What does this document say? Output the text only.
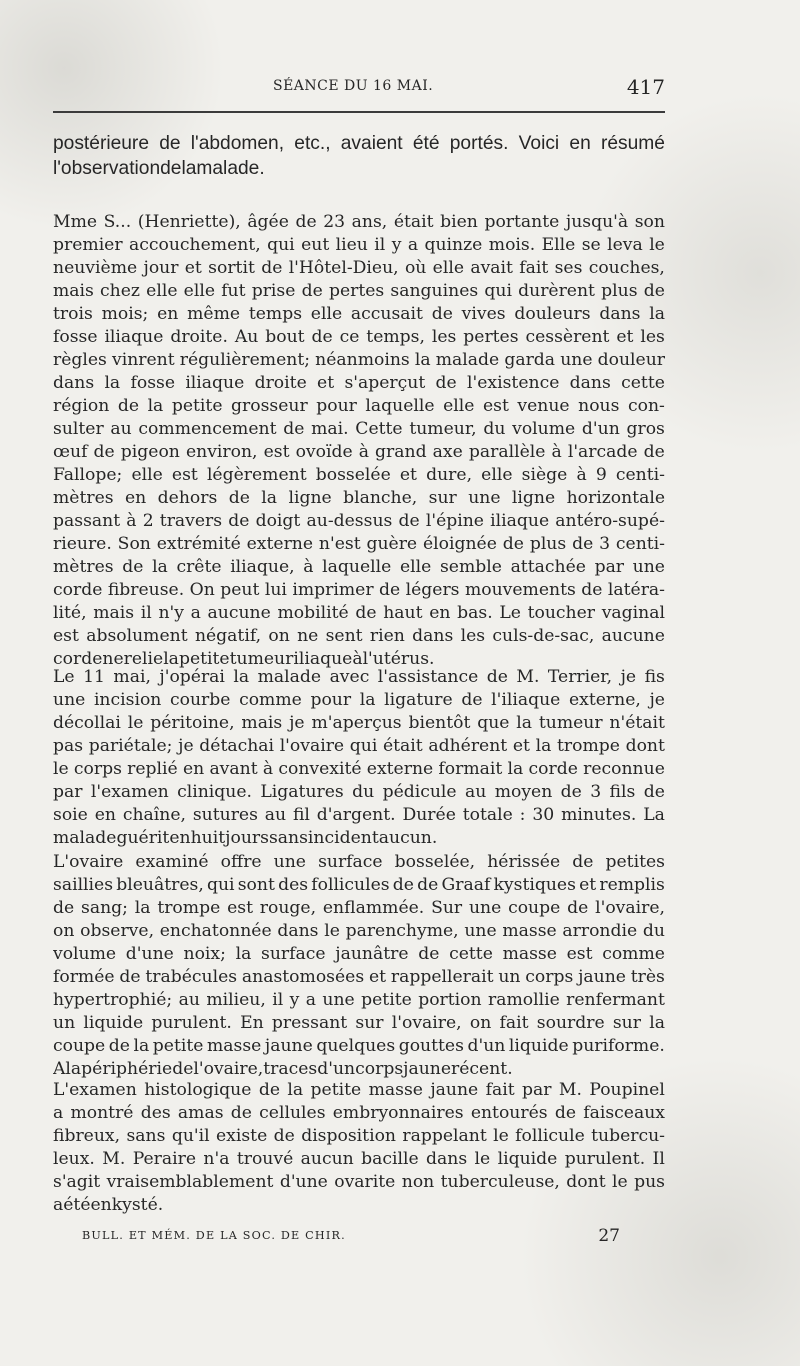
SÉANCE DU 16 MAI.	417
postérieure de l'abdomen, etc., avaient été portés. Voici en résumé
l'observation de la malade.
Mme S... (Henriette), âgée de 23 ans, était bien portante jusqu'à son
premier accouchement, qui eut lieu il y a quinze mois. Elle se leva le
neuvième jour et sortit de l'Hôtel-Dieu, où elle avait fait ses couches,
mais chez elle elle fut prise de pertes sanguines qui durèrent plus de
trois mois; en même temps elle accusait de vives douleurs dans la
fosse iliaque droite. Au bout de ce temps, les pertes cessèrent et les
règles vinrent régulièrement; néanmoins la malade garda une douleur
dans la fosse iliaque droite et s'aperçut de l'existence dans cette
région de la petite grosseur pour laquelle elle est venue nous con-
sulter au commencement de mai. Cette tumeur, du volume d'un gros
œuf de pigeon environ, est ovoïde à grand axe parallèle à l'arcade de
Fallope; elle est légèrement bosselée et dure, elle siège à 9 centi-
mètres en dehors de la ligne blanche, sur une ligne horizontale
passant à 2 travers de doigt au-dessus de l'épine iliaque antéro-supé-
rieure. Son extrémité externe n'est guère éloignée de plus de 3 centi-
mètres de la crête iliaque, à laquelle elle semble attachée par une
corde fibreuse. On peut lui imprimer de légers mouvements de latéra-
lité, mais il n'y a aucune mobilité de haut en bas. Le toucher vaginal
est absolument négatif, on ne sent rien dans les culs-de-sac, aucune
corde ne relie la petite tumeur iliaque à l'utérus.
Le 11 mai, j'opérai la malade avec l'assistance de M. Terrier, je fis
une incision courbe comme pour la ligature de l'iliaque externe, je
décollai le péritoine, mais je m'aperçus bientôt que la tumeur n'était
pas pariétale; je détachai l'ovaire qui était adhérent et la trompe dont
le corps replié en avant à convexité externe formait la corde reconnue
par l'examen clinique. Ligatures du pédicule au moyen de 3 fils de
soie en chaîne, sutures au fil d'argent. Durée totale : 30 minutes. La
malade guérit en huit jours sans incident aucun.
L'ovaire examiné offre une surface bosselée, hérissée de petites
saillies bleuâtres, qui sont des follicules de de Graaf kystiques et remplis
de sang; la trompe est rouge, enflammée. Sur une coupe de l'ovaire,
on observe, enchatonnée dans le parenchyme, une masse arrondie du
volume d'une noix; la surface jaunâtre de cette masse est comme
formée de trabécules anastomosées et rappellerait un corps jaune très
hypertrophié; au milieu, il y a une petite portion ramollie renfermant
un liquide purulent. En pressant sur l'ovaire, on fait sourdre sur la
coupe de la petite masse jaune quelques gouttes d'un liquide puriforme.
A la périphérie de l'ovaire, traces d'un corps jaune récent.
L'examen histologique de la petite masse jaune fait par M. Poupinel
a montré des amas de cellules embryonnaires entourés de faisceaux
fibreux, sans qu'il existe de disposition rappelant le follicule tubercu-
leux. M. Peraire n'a trouvé aucun bacille dans le liquide purulent. Il
s'agit vraisemblablement d'une ovarite non tuberculeuse, dont le pus
a été enkysté.
BULL. ET MÉM. DE LA SOC. DE CHIR.	27
